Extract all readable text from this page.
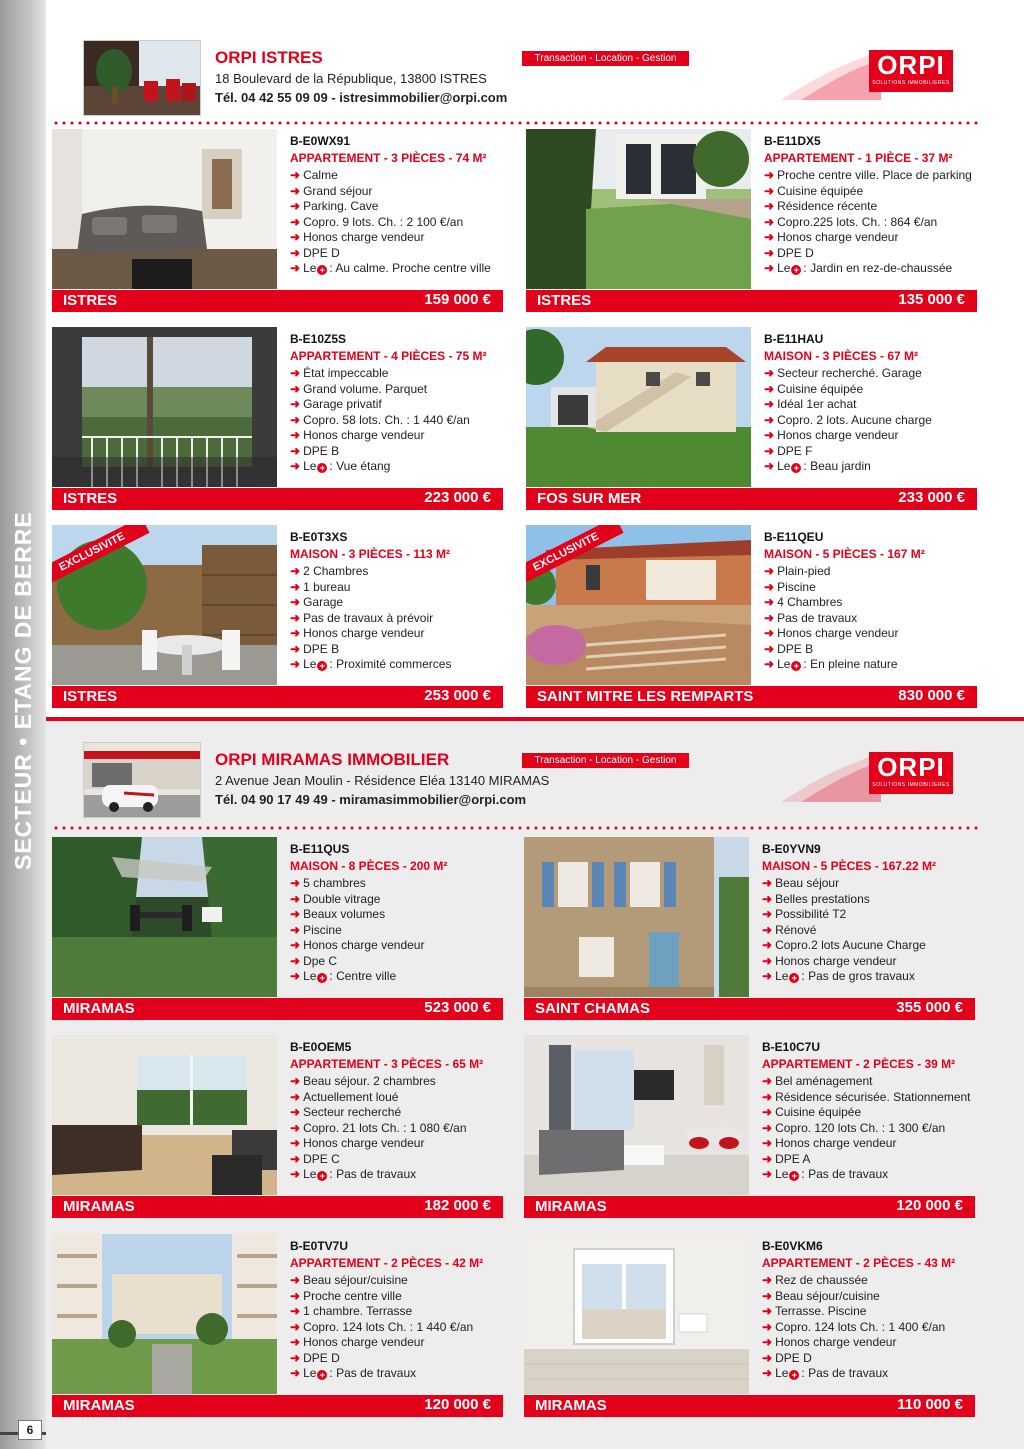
SECTEUR • ETANG DE BERRE
6
ORPI ISTRES
18 Boulevard de la République, 13800 ISTRES
Tél. 04 42 55 09 09 - istresimmobilier@orpi.com
Transaction - Location - Gestion	ORPI
SOLUTIONS IMMOBILIERES
ORPI MIRAMAS IMMOBILIER
2 Avenue Jean Moulin - Résidence Eléa 13140 MIRAMAS
Tél. 04 90 17 49 49 - miramasimmobilier@orpi.com
Transaction - Location - Gestion	ORPI
SOLUTIONS IMMOBILIERES
B-E0WX91
APPARTEMENT - 3 PIÈCES - 74 M²
➜ Calme
➜ Grand séjour
➜ Parking. Cave
➜ Copro. 9 lots. Ch. : 2 100 €/an
➜ Honos charge vendeur
➜ DPE D
➜ Le + : Au calme. Proche centre ville
ISTRES	159 000 €
B-E11DX5
APPARTEMENT - 1 PIÈCE - 37 M²
➜ Proche centre ville. Place de parking
➜ Cuisine équipée
➜ Résidence récente
➜ Copro.225 lots. Ch. : 864 €/an
➜ Honos charge vendeur
➜ DPE D
➜ Le + : Jardin en rez-de-chaussée
ISTRES	135 000 €
B-E10Z5S
APPARTEMENT - 4 PIÈCES - 75 M²
➜ État impeccable
➜ Grand volume. Parquet
➜ Garage privatif
➜ Copro. 58 lots. Ch. : 1 440 €/an
➜ Honos charge vendeur
➜ DPE B
➜ Le + : Vue étang
ISTRES	223 000 €
B-E11HAU
MAISON - 3 PIÈCES - 67 M²
➜ Secteur recherché. Garage
➜ Cuisine équipée
➜ Idéal 1er achat
➜ Copro. 2 lots. Aucune charge
➜ Honos charge vendeur
➜ DPE F
➜ Le + : Beau jardin
FOS SUR MER	233 000 €
EXCLUSIVITE	B-E0T3XS
MAISON - 3 PIÈCES - 113 M²
➜ 2 Chambres
➜ 1 bureau
➜ Garage
➜ Pas de travaux à prévoir
➜ Honos charge vendeur
➜ DPE B
➜ Le + : Proximité commerces
ISTRES	253 000 €
EXCLUSIVITE	B-E11QEU
MAISON - 5 PIÈCES - 167 M²
➜ Plain-pied
➜ Piscine
➜ 4 Chambres
➜ Pas de travaux
➜ Honos charge vendeur
➜ DPE B
➜ Le + : En pleine nature
SAINT MITRE LES REMPARTS	830 000 €
B-E11QUS
MAISON - 8 PÈCES - 200 M²
➜ 5 chambres
➜ Double vitrage
➜ Beaux volumes
➜ Piscine
➜ Honos charge vendeur
➜ Dpe C
➜ Le + : Centre ville
MIRAMAS	523 000 €
B-E0YVN9
MAISON - 5 PÈCES - 167.22 M²
➜ Beau séjour
➜ Belles prestations
➜ Possibilité T2
➜ Rénové
➜ Copro.2 lots Aucune Charge
➜ Honos charge vendeur
➜ Le + : Pas de gros travaux
SAINT CHAMAS	355 000 €
B-E0OEM5
APPARTEMENT - 3 PÈCES - 65 M²
➜ Beau séjour. 2 chambres
➜ Actuellement loué
➜ Secteur recherché
➜ Copro. 21 lots Ch. : 1 080 €/an
➜ Honos charge vendeur
➜ DPE C
➜ Le + : Pas de travaux
MIRAMAS	182 000 €
B-E10C7U
APPARTEMENT - 2 PÈCES - 39 M²
➜ Bel aménagement
➜ Résidence sécurisée. Stationnement
➜ Cuisine équipée
➜ Copro. 120 lots Ch. : 1 300 €/an
➜ Honos charge vendeur
➜ DPE A
➜ Le + : Pas de travaux
MIRAMAS	120 000 €
B-E0TV7U
APPARTEMENT - 2 PÈCES - 42 M²
➜ Beau séjour/cuisine
➜ Proche centre ville
➜ 1 chambre. Terrasse
➜ Copro. 124 lots Ch. : 1 440 €/an
➜ Honos charge vendeur
➜ DPE D
➜ Le + : Pas de travaux
MIRAMAS	120 000 €
B-E0VKM6
APPARTEMENT - 2 PÈCES - 43 M²
➜ Rez de chaussée
➜ Beau séjour/cuisine
➜ Terrasse. Piscine
➜ Copro. 124 lots Ch. : 1 400 €/an
➜ Honos charge vendeur
➜ DPE D
➜ Le + : Pas de travaux
MIRAMAS	110 000 €
